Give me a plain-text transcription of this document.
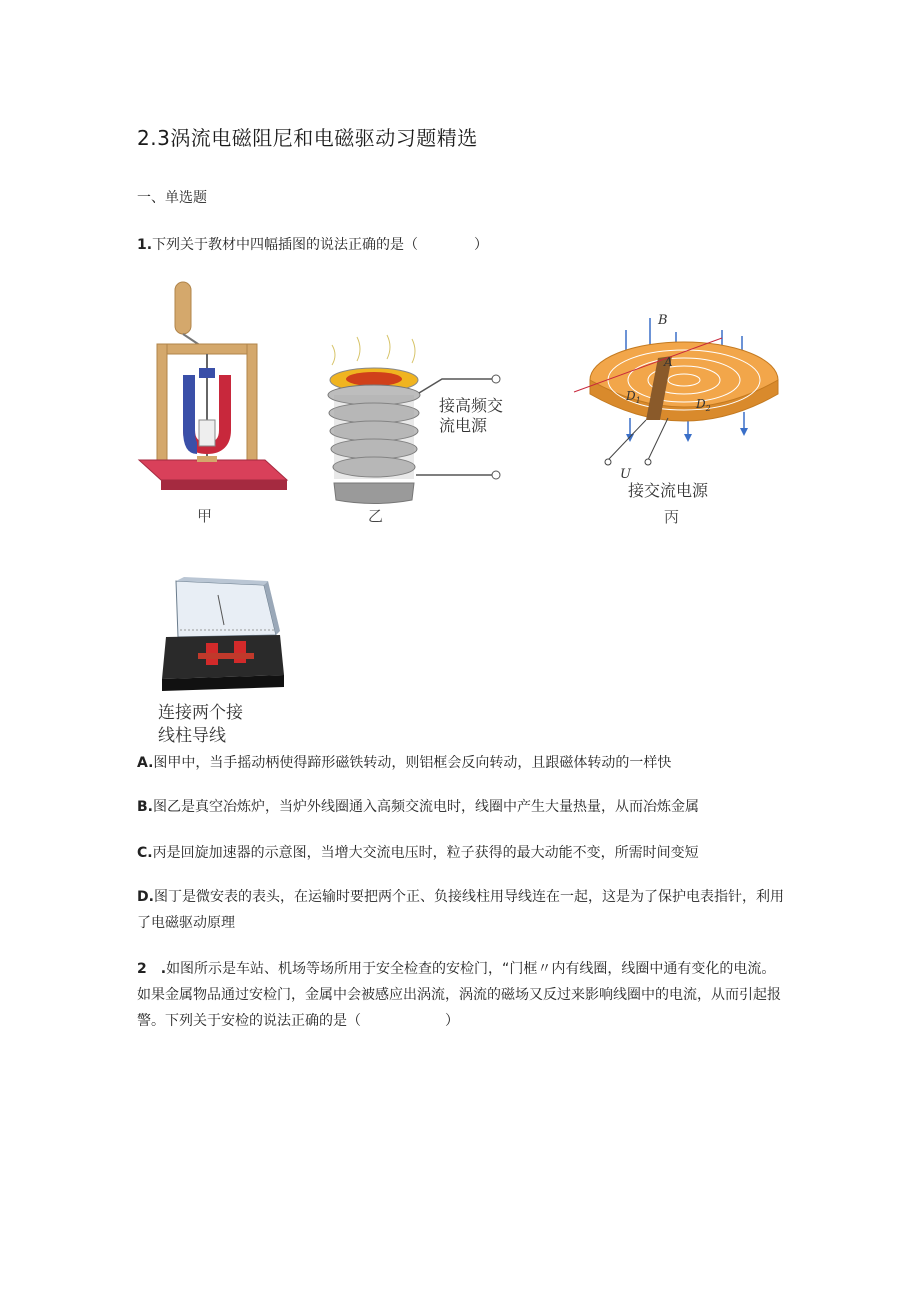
2.3涡流电磁阻尼和电磁驱动习题精选
一、单选题
1.下列关于教材中四幅插图的说法正确的是（　　　　）
甲
接高频交
流电源
乙
B
A
$D_1$	$D_2$
U
接交流电源
丙
连接两个接
线柱导线
A.图甲中，当手摇动柄使得蹄形磁铁转动，则铝框会反向转动，且跟磁体转动的一样快
B.图乙是真空冶炼炉，当炉外线圈通入高频交流电时，线圈中产生大量热量，从而冶炼金属
C.丙是回旋加速器的示意图，当增大交流电压时，粒子获得的最大动能不变，所需时间变短
D.图丁是微安表的表头，在运输时要把两个正、负接线柱用导线连在一起，这是为了保护电表指针，利用了电磁驱动原理
2　.如图所示是车站、机场等场所用于安全检查的安检门，“门框〃内有线圈，线圈中通有变化的电流。如果金属物品通过安检门，金属中会被感应出涡流，涡流的磁场又反过来影响线圈中的电流，从而引起报警。下列关于安检的说法正确的是（　　　　　　）
